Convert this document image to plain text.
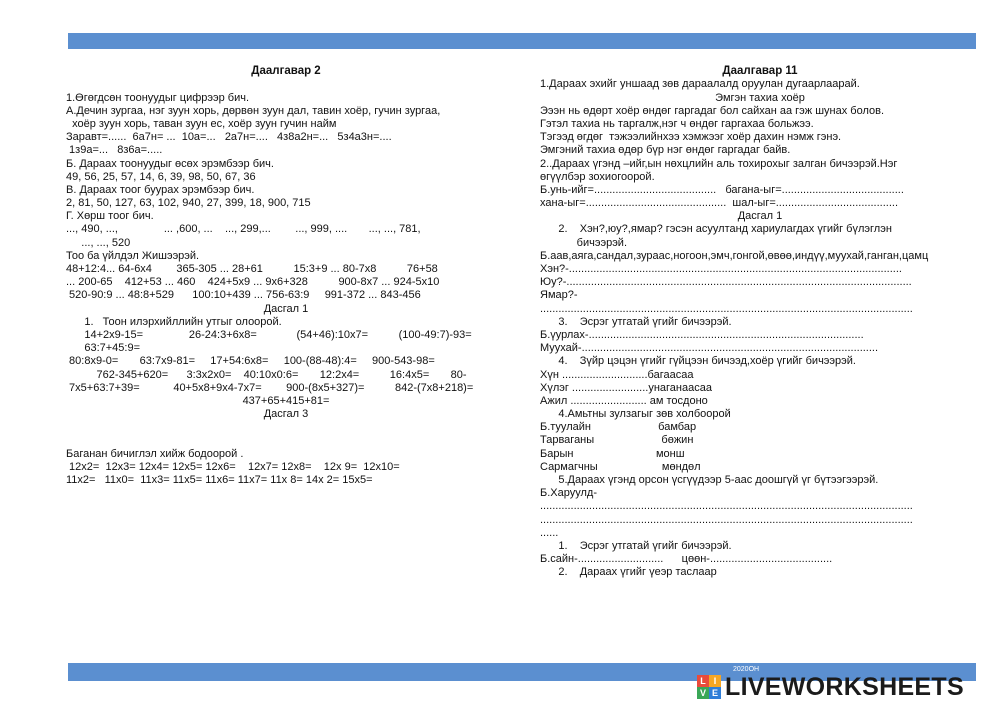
Даалгавар 2
1.Өгөгдсөн тоонуудыг цифрээр бич.
А.Дечин зургаа, нэг зуун хорь, дөрвөн зуун дал, тавин хоёр, гучин зургаа,
хоёр зуун хорь, таван зуун ес, хоёр зуун гучин найм
Заравт=......  6а7н= ...  10а=...   2а7н=....   4з8а2н=...   5з4а3н=....
1з9а=...   8з6а=.....
Б. Дараах тоонуудыг өсөх эрэмбээр бич.
49, 56, 25, 57, 14, 6, 39, 98, 50, 67, 36
В. Дараах тоог буурах эрэмбээр бич.
2, 81, 50, 127, 63, 102, 940, 27, 399, 18, 900, 715
Г. Хөрш тоог бич.
..., 490, ...,               ... ,600, ...    ..., 299,...        ..., 999, ....       ..., ..., 781,
..., ..., 520
Тоо ба үйлдэл Жишээрэй.
48+12:4... 64-6x4        365-305 ... 28+61          15:3+9 ... 80-7x8          76+58
... 200-65    412+53 ... 460    424+5x9 ... 9x6+328          900-8x7 ... 924-5x10
520-90:9 ... 48:8+529      100:10+439 ... 756-63:9     991-372 ... 843-456
Дасгал 1
1.   Тоон илэрхийллийн утгыг олоорой.
14+2x9-15=               26-24:3+6x8=             (54+46):10x7=          (100-49:7)-93=
63:7+45:9=
80:8x9-0=       63:7x9-81=     17+54:6x8=     100-(88-48):4=     900-543-98=
762-345+620=      3:3x2x0=    40:10x0:6=       12:2x4=          16:4x5=       80-
7x5+63:7+39=           40+5x8+9x4-7x7=        900-(8x5+327)=          842-(7x8+218)=
437+65+415+81=
Дасгал 3
Баганан бичиглэл хийж бодоорой .
12x2=  12x3= 12x4= 12x5= 12x6=    12x7= 12x8=    12x 9=  12x10=
11x2=   11x0=  11x3= 11x5= 11x6= 11x7= 11x 8= 14x 2= 15x5=
Даалгавар 11
1.Дараах эхийг уншаад зөв дараалалд оруулан дугаарлаарай.
Эмгэн тахиа хоёр
Эээн нь өдөрт хоёр өндөг гаргадаг бол сайхан аа гэж шунах болов.
Гэтэл тахиа нь таргалж,нэг ч өндөг гаргахаа больжээ.
Тэгээд өгдөг  тэжээлийнхээ хэмжээг хоёр дахин нэмж гэнэ.
Эмгэний тахиа өдөр бүр нэг өндөг гаргадаг байв.
2..Дараах үгэнд –ийг,ын нөхцлийн аль тохирохыг залган бичээрэй.Нэг
өгүүлбэр зохиогоорой.
Б.унь-ийг=........................................   багана-ыг=........................................
хана-ыг=..............................................  шал-ыг=........................................
Дасгал 1
2.    Хэн?,юу?,ямар? гэсэн асуултанд хариулагдах үгийг бүлэглэн
бичээрэй.
Б.аав,аяга,сандал,зураас,ногоон,эмч,гонгой,өвөө,индүү,муухай,ганган,цамц
Хэн?-.............................................................................................................
Юу?-.................................................................................................................
Ямар?-
..........................................................................................................................
3.    Эсрэг утгатай үгийг бичээрэй.
Б.үурлах-..........................................................................................
Муухай-.................................................................................................
4.    Зүйр цэцэн үгийг гүйцээн бичээд,хоёр үгийг бичээрэй.
Хүн ............................багаасаа
Хүлэг .........................унаганаасаа
Ажил ......................... ам тосдоно
4.Амьтны зулзагыг зөв холбоорой
Б.туулайн                      бамбар
Тарваганы                      бөжин
Барын                           монш
Сармагчны                     мөндөл
5.Дараах үгэнд орсон үсгүүдээр 5-аас доошгүй үг бүтээгээрэй.
Б.Харуулд-
..........................................................................................................................
..........................................................................................................................
......
1.    Эсрэг утгатай үгийг бичээрэй.
Б.сайн-............................      цөөн-........................................
2.    Дараах үгийг үеэр таслаар
2020ОН
L I
V E LIVEWORKSHEETS
